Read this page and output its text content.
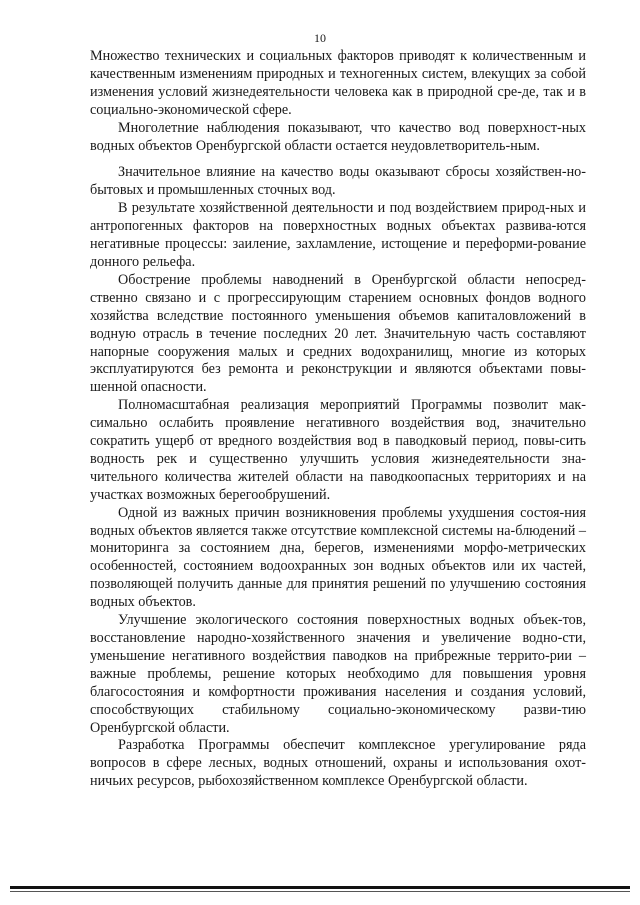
10

Множество технических и социальных факторов приводят к количественным и качественным изменениям природных и техногенных систем, влекущих за собой изменения условий жизнедеятельности человека как в природной сре-де, так и в социально-экономической сфере.

Многолетние наблюдения показывают, что качество вод поверхност-ных водных объектов Оренбургской области остается неудовлетворитель-ным.

Значительное влияние на качество воды оказывают сбросы хозяйствен-но-бытовых и промышленных сточных вод.

В результате хозяйственной деятельности и под воздействием природ-ных и антропогенных факторов на поверхностных водных объектах развива-ются негативные процессы: заиление, захламление, истощение и переформи-рование донного рельефа.

Обострение проблемы наводнений в Оренбургской области непосред-ственно связано и с прогрессирующим старением основных фондов водного хозяйства вследствие постоянного уменьшения объемов капиталовложений в водную отрасль в течение последних 20 лет. Значительную часть составляют напорные сооружения малых и средних водохранилищ, многие из которых эксплуатируются без ремонта и реконструкции и являются объектами повы-шенной опасности.

Полномасштабная реализация мероприятий Программы позволит мак-симально ослабить проявление негативного воздействия вод, значительно сократить ущерб от вредного воздействия вод в паводковый период, повы-сить водность рек и существенно улучшить условия жизнедеятельности зна-чительного количества жителей области на паводкоопасных территориях и на участках возможных берегообрушений.

Одной из важных причин возникновения проблемы ухудшения состоя-ния водных объектов является также отсутствие комплексной системы на-блюдений – мониторинга за состоянием дна, берегов, изменениями морфо-метрических особенностей, состоянием водоохранных зон водных объектов или их частей, позволяющей получить данные для принятия решений по улучшению состояния водных объектов.

Улучшение экологического состояния поверхностных водных объек-тов, восстановление народно-хозяйственного значения и увеличение водно-сти, уменьшение негативного воздействия паводков на прибрежные террито-рии – важные проблемы, решение которых необходимо для повышения уровня благосостояния и комфортности проживания населения и создания условий, способствующих стабильному социально-экономическому разви-тию Оренбургской области.

Разработка Программы обеспечит комплексное урегулирование ряда вопросов в сфере лесных, водных отношений, охраны и использования охот-ничьих ресурсов, рыбохозяйственном комплексе Оренбургской области.
